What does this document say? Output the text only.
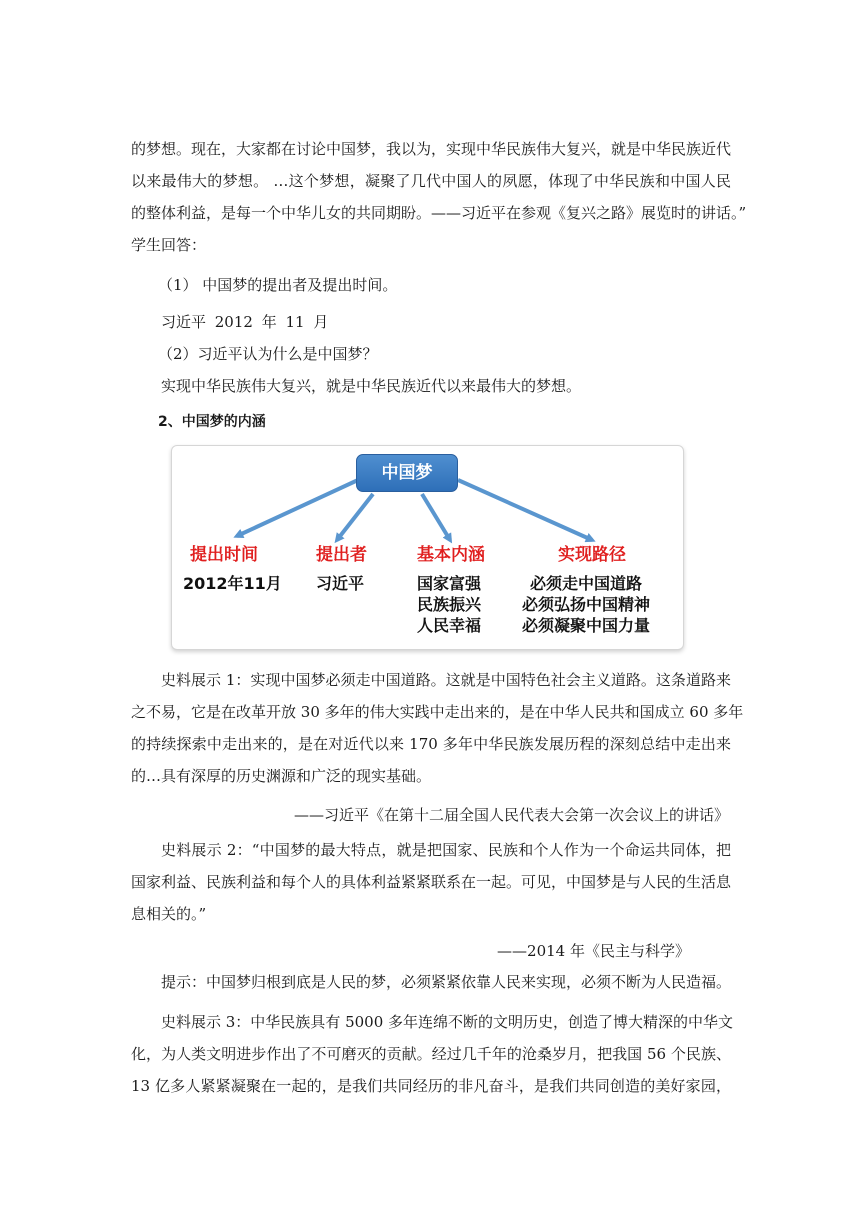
的梦想。现在，大家都在讨论中国梦，我以为，实现中华民族伟大复兴，就是中华民族近代
以来最伟大的梦想。 …这个梦想，凝聚了几代中国人的夙愿，体现了中华民族和中国人民
的整体利益，是每一个中华儿女的共同期盼。——习近平在参观《复兴之路》展览时的讲话。”
学生回答：
（1） 中国梦的提出者及提出时间。
习近平 2012 年 11 月
（2）习近平认为什么是中国梦？
实现中华民族伟大复兴，就是中华民族近代以来最伟大的梦想。
2、中国梦的内涵
中国梦
提出时间
2012年11月
提出者
习近平
基本内涵
国家富强
民族振兴
人民幸福
实现路径
必须走中国道路
必须弘扬中国精神
必须凝聚中国力量
史料展示 1：实现中国梦必须走中国道路。这就是中国特色社会主义道路。这条道路来
之不易，它是在改革开放 30 多年的伟大实践中走出来的，是在中华人民共和国成立 60 多年
的持续探索中走出来的，是在对近代以来 170 多年中华民族发展历程的深刻总结中走出来
的…具有深厚的历史渊源和广泛的现实基础。
——习近平《在第十二届全国人民代表大会第一次会议上的讲话》
史料展示 2：“中国梦的最大特点，就是把国家、民族和个人作为一个命运共同体，把
国家利益、民族利益和每个人的具体利益紧紧联系在一起。可见，中国梦是与人民的生活息
息相关的。”
——2014 年《民主与科学》
提示：中国梦归根到底是人民的梦，必须紧紧依靠人民来实现，必须不断为人民造福。
史料展示 3：中华民族具有 5000 多年连绵不断的文明历史，创造了博大精深的中华文
化，为人类文明进步作出了不可磨灭的贡献。经过几千年的沧桑岁月，把我国 56 个民族、
13 亿多人紧紧凝聚在一起的，是我们共同经历的非凡奋斗，是我们共同创造的美好家园，
